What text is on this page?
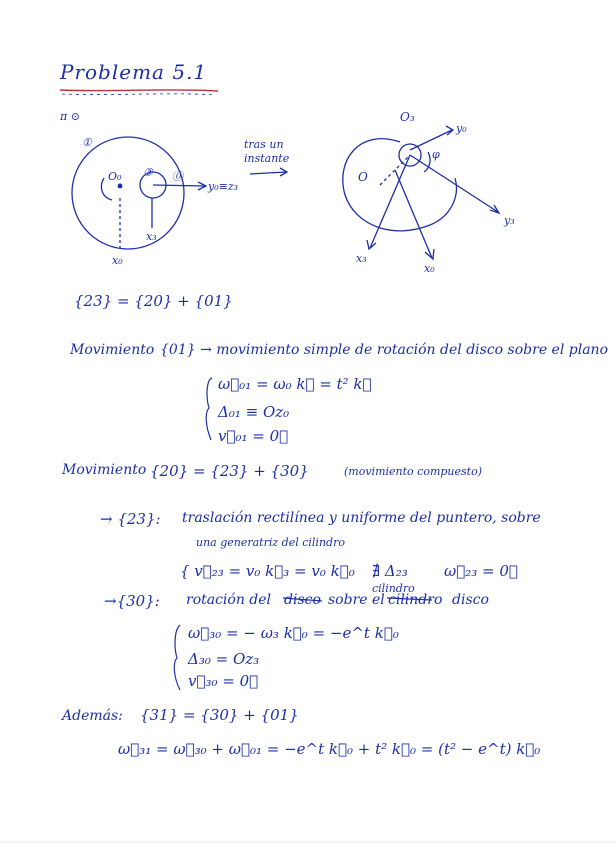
Problema 5.1
π ⊙
①
O₀ ③ ⓪
y₀≡z₃
x₃
x₀
tras un
instante
O₃
y₀
O
φ
y₃
x₃
x₀
{23} = {20} + {01}
Movimiento {01} → movimiento simple de rotación del disco sobre el plano
ω⃗₀₁ = ω₀ k⃗ = t² k⃗
Δ₀₁ ≡ Oz₀
v⃗₀₁ = 0⃗
Movimiento {20} = {23} + {30}	(movimiento compuesto)
→ {23}: traslación rectilínea y uniforme del puntero, sobre
una generatriz del cilindro
{ v⃗₂₃ = v₀ k⃗₃ = v₀ k⃗₀ ∄ Δ₂₃ ω⃗₂₃ = 0⃗
cilindro
→{30}: rotación del disco sobre el cilindro disco
ω⃗₃₀ = − ω₃ k⃗₀ = −e^t k⃗₀
Δ₃₀ = Oz₃
v⃗₃₀ = 0⃗
Además: {31} = {30} + {01}
ω⃗₃₁ = ω⃗₃₀ + ω⃗₀₁ = −e^t k⃗₀ + t² k⃗₀ = (t² − e^t) k⃗₀
